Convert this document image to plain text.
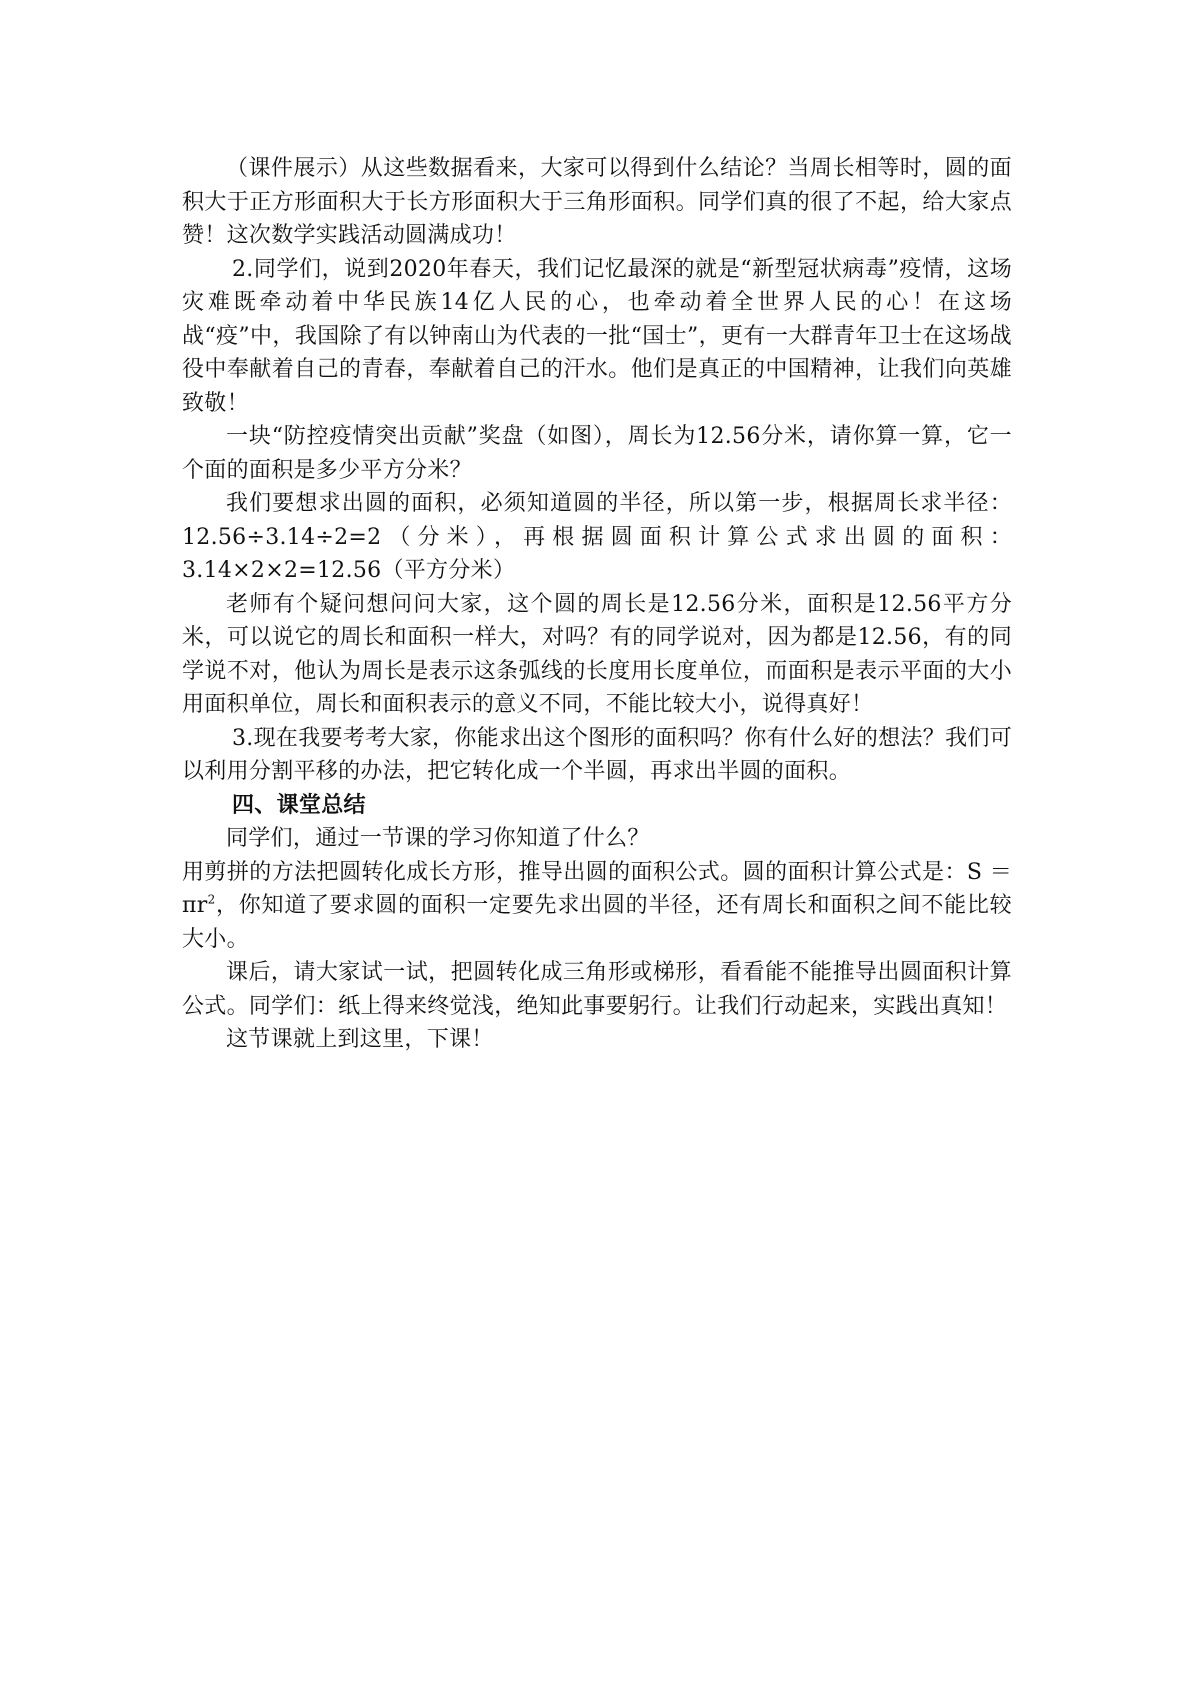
（课件展示）从这些数据看来，大家可以得到什么结论？当周长相等时，圆的面积大于正方形面积大于长方形面积大于三角形面积。同学们真的很了不起，给大家点赞！这次数学实践活动圆满成功！

2.同学们，说到2020年春天，我们记忆最深的就是“新型冠状病毒”疫情，这场灾难既牵动着中华民族14亿人民的心，也牵动着全世界人民的心！在这场战“疫”中，我国除了有以钟南山为代表的一批“国士”，更有一大群青年卫士在这场战役中奉献着自己的青春，奉献着自己的汗水。他们是真正的中国精神，让我们向英雄致敬！

一块“防控疫情突出贡献”奖盘（如图），周长为12.56分米，请你算一算，它一个面的面积是多少平方分米？

我们要想求出圆的面积，必须知道圆的半径，所以第一步，根据周长求半径：12.56÷3.14÷2=2（分米），再根据圆面积计算公式求出圆的面积：3.14×2×2=12.56（平方分米）

老师有个疑问想问问大家，这个圆的周长是12.56分米，面积是12.56平方分米，可以说它的周长和面积一样大，对吗？有的同学说对，因为都是12.56，有的同学说不对，他认为周长是表示这条弧线的长度用长度单位，而面积是表示平面的大小用面积单位，周长和面积表示的意义不同，不能比较大小，说得真好！

3.现在我要考考大家，你能求出这个图形的面积吗？你有什么好的想法？我们可以利用分割平移的办法，把它转化成一个半圆，再求出半圆的面积。

四、课堂总结

同学们，通过一节课的学习你知道了什么？

用剪拼的方法把圆转化成长方形，推导出圆的面积公式。圆的面积计算公式是：$S = \pi r^2$，你知道了要求圆的面积一定要先求出圆的半径，还有周长和面积之间不能比较大小。

课后，请大家试一试，把圆转化成三角形或梯形，看看能不能推导出圆面积计算公式。同学们：纸上得来终觉浅，绝知此事要躬行。让我们行动起来，实践出真知！

这节课就上到这里，下课！
